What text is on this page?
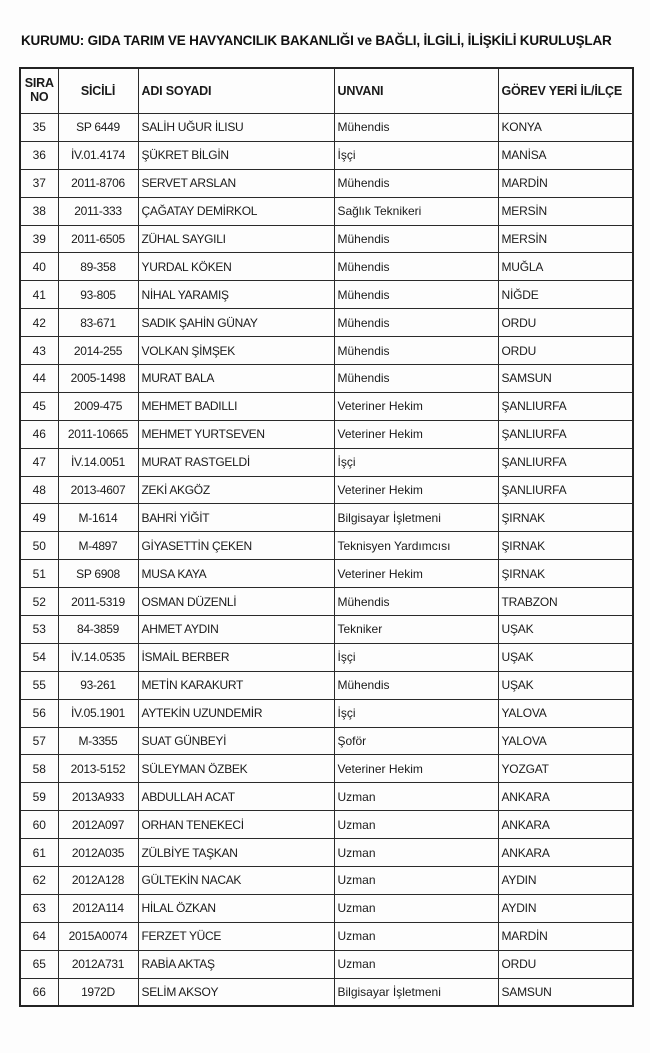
KURUMU: GIDA TARIM VE HAVYANCILIK BAKANLIĞI ve BAĞLI, İLGİLİ, İLİŞKİLİ KURULUŞLAR
SIRA NO	SİCİLİ	ADI SOYADI	UNVANI	GÖREV YERİ İL/İLÇE
35	SP 6449	SALİH UĞUR İLISU	Mühendis	KONYA
36	İV.01.4174	ŞÜKRET BİLGİN	İşçi	MANİSA
37	2011-8706	SERVET ARSLAN	Mühendis	MARDİN
38	2011-333	ÇAĞATAY DEMİRKOL	Sağlık Teknikeri	MERSİN
39	2011-6505	ZÜHAL SAYGILI	Mühendis	MERSİN
40	89-358	YURDAL KÖKEN	Mühendis	MUĞLA
41	93-805	NİHAL YARAMIŞ	Mühendis	NİĞDE
42	83-671	SADIK ŞAHİN GÜNAY	Mühendis	ORDU
43	2014-255	VOLKAN ŞİMŞEK	Mühendis	ORDU
44	2005-1498	MURAT BALA	Mühendis	SAMSUN
45	2009-475	MEHMET BADILLI	Veteriner Hekim	ŞANLIURFA
46	2011-10665	MEHMET YURTSEVEN	Veteriner Hekim	ŞANLIURFA
47	İV.14.0051	MURAT RASTGELDİ	İşçi	ŞANLIURFA
48	2013-4607	ZEKİ AKGÖZ	Veteriner Hekim	ŞANLIURFA
49	M-1614	BAHRİ YİĞİT	Bilgisayar İşletmeni	ŞIRNAK
50	M-4897	GİYASETTİN ÇEKEN	Teknisyen Yardımcısı	ŞIRNAK
51	SP 6908	MUSA KAYA	Veteriner Hekim	ŞIRNAK
52	2011-5319	OSMAN DÜZENLİ	Mühendis	TRABZON
53	84-3859	AHMET AYDIN	Tekniker	UŞAK
54	İV.14.0535	İSMAİL BERBER	İşçi	UŞAK
55	93-261	METİN KARAKURT	Mühendis	UŞAK
56	İV.05.1901	AYTEKİN UZUNDEMİR	İşçi	YALOVA
57	M-3355	SUAT GÜNBEYİ	Şoför	YALOVA
58	2013-5152	SÜLEYMAN ÖZBEK	Veteriner Hekim	YOZGAT
59	2013A933	ABDULLAH ACAT	Uzman	ANKARA
60	2012A097	ORHAN TENEKECİ	Uzman	ANKARA
61	2012A035	ZÜLBİYE TAŞKAN	Uzman	ANKARA
62	2012A128	GÜLTEKİN NACAK	Uzman	AYDIN
63	2012A114	HİLAL ÖZKAN	Uzman	AYDIN
64	2015A0074	FERZET YÜCE	Uzman	MARDİN
65	2012A731	RABİA AKTAŞ	Uzman	ORDU
66	1972D	SELİM AKSOY	Bilgisayar İşletmeni	SAMSUN
